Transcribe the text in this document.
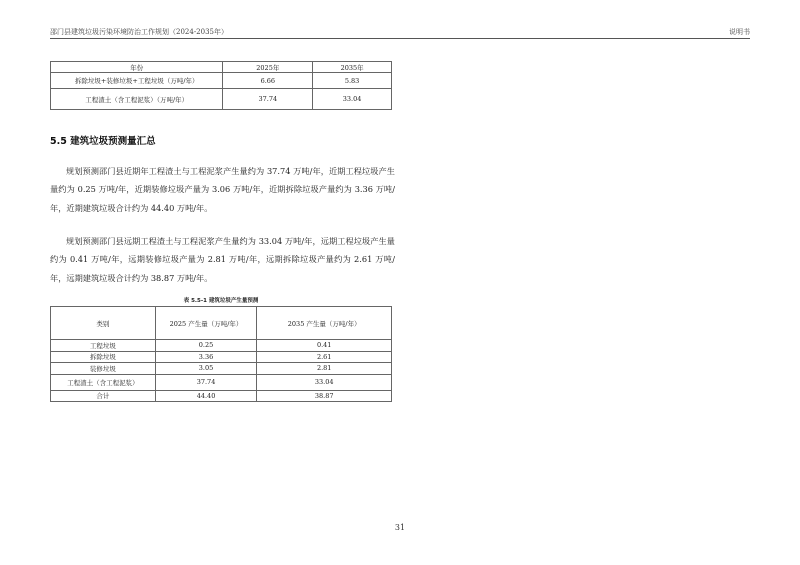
邵门县建筑垃圾污染环境防治工作规划（2024-2035年）	说明书
年份	2025年	2035年
拆除垃圾+装修垃圾+工程垃圾（万吨/年）	6.66	5.83
工程渣土（含工程泥浆）（万吨/年）	37.74	33.04
5.5 建筑垃圾预测量汇总

规划预测邵门县近期年工程渣土与工程泥浆产生量约为 37.74 万吨/年，近期工程垃圾产生量约为 0.25 万吨/年，近期装修垃圾产量为 3.06 万吨/年，近期拆除垃圾产量约为 3.36 万吨/年，近期建筑垃圾合计约为 44.40 万吨/年。

规划预测邵门县远期工程渣土与工程泥浆产生量约为 33.04 万吨/年，远期工程垃圾产生量约为 0.41 万吨/年，远期装修垃圾产量为 2.81 万吨/年，远期拆除垃圾产量约为 2.61 万吨/年，远期建筑垃圾合计约为 38.87 万吨/年。

表 5.5-1 建筑垃圾产生量预测
类别	2025 产生量（万吨/年）	2035 产生量（万吨/年）
工程垃圾	0.25	0.41
拆除垃圾	3.36	2.61
装修垃圾	3.05	2.81
工程渣土（含工程泥浆）	37.74	33.04
合计	44.40	38.87
31
